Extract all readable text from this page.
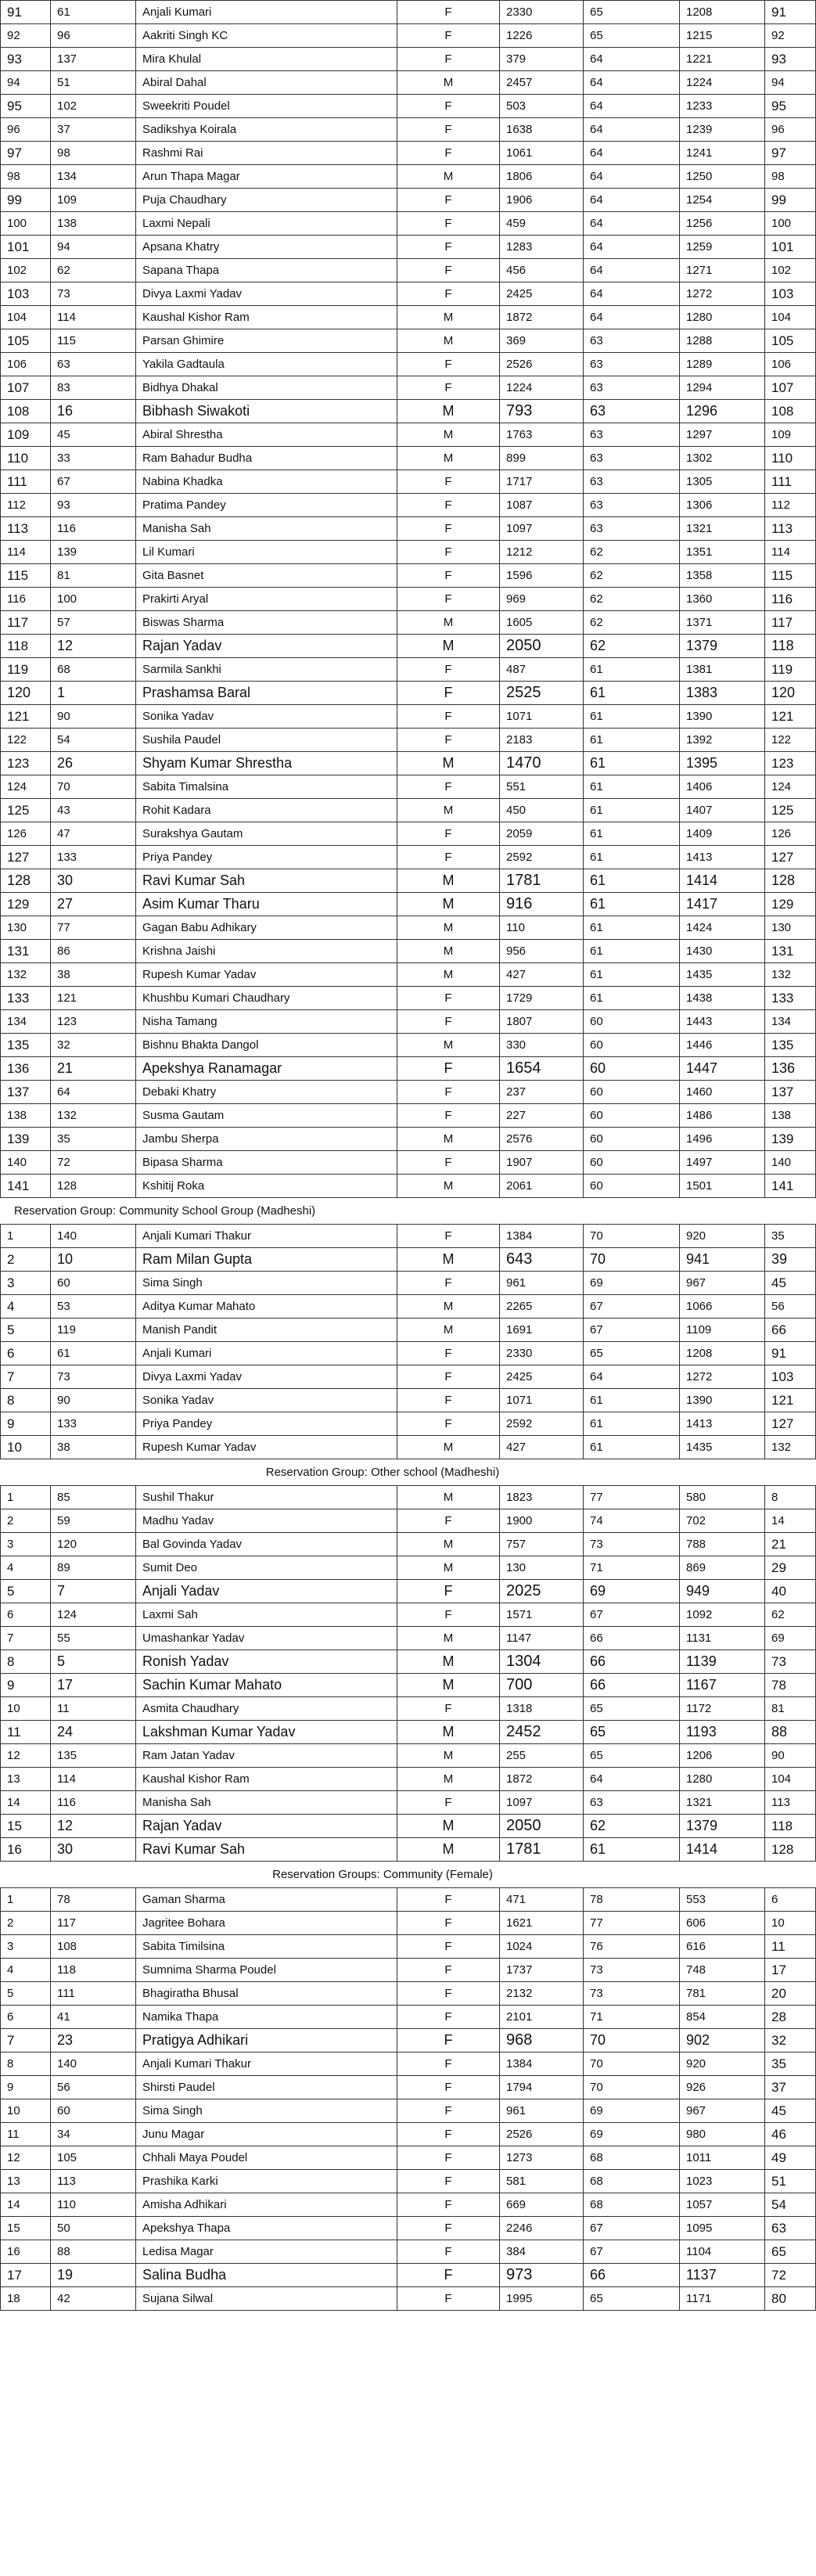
91	61	Anjali Kumari	F	2330	65	1208	91
92	96	Aakriti Singh KC	F	1226	65	1215	92
93	137	Mira Khulal	F	379	64	1221	93
94	51	Abiral Dahal	M	2457	64	1224	94
95	102	Sweekriti Poudel	F	503	64	1233	95
96	37	Sadikshya Koirala	F	1638	64	1239	96
97	98	Rashmi Rai	F	1061	64	1241	97
98	134	Arun Thapa Magar	M	1806	64	1250	98
99	109	Puja Chaudhary	F	1906	64	1254	99
100	138	Laxmi Nepali	F	459	64	1256	100
101	94	Apsana Khatry	F	1283	64	1259	101
102	62	Sapana Thapa	F	456	64	1271	102
103	73	Divya Laxmi Yadav	F	2425	64	1272	103
104	114	Kaushal Kishor Ram	M	1872	64	1280	104
105	115	Parsan Ghimire	M	369	63	1288	105
106	63	Yakila Gadtaula	F	2526	63	1289	106
107	83	Bidhya Dhakal	F	1224	63	1294	107
108	16	Bibhash Siwakoti	M	793	63	1296	108
109	45	Abiral Shrestha	M	1763	63	1297	109
110	33	Ram Bahadur Budha	M	899	63	1302	110
111	67	Nabina Khadka	F	1717	63	1305	111
112	93	Pratima Pandey	F	1087	63	1306	112
113	116	Manisha Sah	F	1097	63	1321	113
114	139	Lil Kumari	F	1212	62	1351	114
115	81	Gita Basnet	F	1596	62	1358	115
116	100	Prakirti Aryal	F	969	62	1360	116
117	57	Biswas Sharma	M	1605	62	1371	117
118	12	Rajan Yadav	M	2050	62	1379	118
119	68	Sarmila Sankhi	F	487	61	1381	119
120	1	Prashamsa Baral	F	2525	61	1383	120
121	90	Sonika Yadav	F	1071	61	1390	121
122	54	Sushila Paudel	F	2183	61	1392	122
123	26	Shyam Kumar Shrestha	M	1470	61	1395	123
124	70	Sabita Timalsina	F	551	61	1406	124
125	43	Rohit Kadara	M	450	61	1407	125
126	47	Surakshya Gautam	F	2059	61	1409	126
127	133	Priya Pandey	F	2592	61	1413	127
128	30	Ravi Kumar Sah	M	1781	61	1414	128
129	27	Asim Kumar Tharu	M	916	61	1417	129
130	77	Gagan Babu Adhikary	M	110	61	1424	130
131	86	Krishna Jaishi	M	956	61	1430	131
132	38	Rupesh Kumar Yadav	M	427	61	1435	132
133	121	Khushbu Kumari Chaudhary	F	1729	61	1438	133
134	123	Nisha Tamang	F	1807	60	1443	134
135	32	Bishnu Bhakta Dangol	M	330	60	1446	135
136	21	Apekshya Ranamagar	F	1654	60	1447	136
137	64	Debaki Khatry	F	237	60	1460	137
138	132	Susma Gautam	F	227	60	1486	138
139	35	Jambu Sherpa	M	2576	60	1496	139
140	72	Bipasa Sharma	F	1907	60	1497	140
141	128	Kshitij Roka	M	2061	60	1501	141
Reservation Group: Community School Group (Madheshi)
1	140	Anjali Kumari Thakur	F	1384	70	920	35
2	10	Ram Milan Gupta	M	643	70	941	39
3	60	Sima Singh	F	961	69	967	45
4	53	Aditya Kumar Mahato	M	2265	67	1066	56
5	119	Manish Pandit	M	1691	67	1109	66
6	61	Anjali Kumari	F	2330	65	1208	91
7	73	Divya Laxmi Yadav	F	2425	64	1272	103
8	90	Sonika Yadav	F	1071	61	1390	121
9	133	Priya Pandey	F	2592	61	1413	127
10	38	Rupesh Kumar Yadav	M	427	61	1435	132
Reservation Group: Other school (Madheshi)
1	85	Sushil Thakur	M	1823	77	580	8
2	59	Madhu Yadav	F	1900	74	702	14
3	120	Bal Govinda Yadav	M	757	73	788	21
4	89	Sumit Deo	M	130	71	869	29
5	7	Anjali Yadav	F	2025	69	949	40
6	124	Laxmi Sah	F	1571	67	1092	62
7	55	Umashankar Yadav	M	1147	66	1131	69
8	5	Ronish Yadav	M	1304	66	1139	73
9	17	Sachin Kumar Mahato	M	700	66	1167	78
10	11	Asmita Chaudhary	F	1318	65	1172	81
11	24	Lakshman Kumar Yadav	M	2452	65	1193	88
12	135	Ram Jatan Yadav	M	255	65	1206	90
13	114	Kaushal Kishor Ram	M	1872	64	1280	104
14	116	Manisha Sah	F	1097	63	1321	113
15	12	Rajan Yadav	M	2050	62	1379	118
16	30	Ravi Kumar Sah	M	1781	61	1414	128
Reservation Groups: Community (Female)
1	78	Gaman Sharma	F	471	78	553	6
2	117	Jagritee Bohara	F	1621	77	606	10
3	108	Sabita Timilsina	F	1024	76	616	11
4	118	Sumnima Sharma Poudel	F	1737	73	748	17
5	111	Bhagiratha Bhusal	F	2132	73	781	20
6	41	Namika Thapa	F	2101	71	854	28
7	23	Pratigya Adhikari	F	968	70	902	32
8	140	Anjali Kumari Thakur	F	1384	70	920	35
9	56	Shirsti Paudel	F	1794	70	926	37
10	60	Sima Singh	F	961	69	967	45
11	34	Junu Magar	F	2526	69	980	46
12	105	Chhali Maya Poudel	F	1273	68	1011	49
13	113	Prashika Karki	F	581	68	1023	51
14	110	Amisha Adhikari	F	669	68	1057	54
15	50	Apekshya Thapa	F	2246	67	1095	63
16	88	Ledisa Magar	F	384	67	1104	65
17	19	Salina Budha	F	973	66	1137	72
18	42	Sujana Silwal	F	1995	65	1171	80
